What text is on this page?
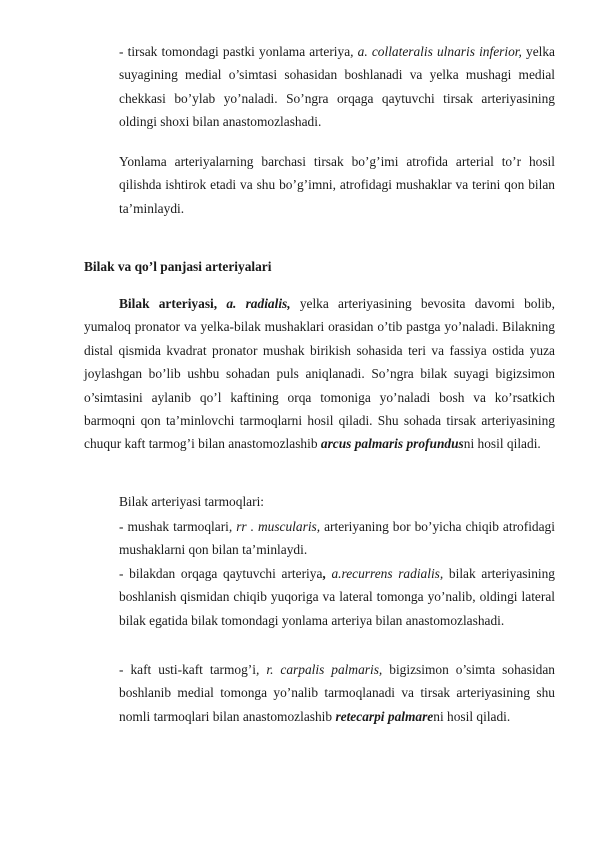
- tirsak tomondagi pastki yonlama arteriya, a. collateralis ulnaris inferior, yelka suyagining medial o’simtasi sohasidan boshlanadi va yelka mushagi medial chekkasi bo’ylab yo’naladi. So’ngra orqaga qaytuvchi tirsak arteriyasining oldingi shoxi bilan anastomozlashadi.

Yonlama arteriyalarning barchasi tirsak bo’g’imi atrofida arterial to’r hosil qilishda ishtirok etadi va shu bo’g’imni, atrofidagi mushaklar va terini qon bilan ta’minlaydi.

Bilak va qo’l panjasi arteriyalari

Bilak arteriyasi, a. radialis, yelka arteriyasining bevosita davomi bolib, yumaloq pronator va yelka-bilak mushaklari orasidan o’tib pastga yo’naladi. Bilakning distal qismida kvadrat pronator mushak birikish sohasida teri va fassiya ostida yuza joylashgan bo’lib ushbu sohadan puls aniqlanadi. So’ngra bilak suyagi bigizsimon o’simtasini aylanib qo’l kaftining orqa tomoniga yo’naladi bosh va ko’rsatkich barmoqni qon ta’minlovchi tarmoqlarni hosil qiladi. Shu sohada tirsak arteriyasining chuqur kaft tarmog’i bilan anastomozlashib arcus palmaris profundusni hosil qiladi.

Bilak arteriyasi tarmoqlari:

- mushak tarmoqlari, rr . muscularis, arteriyaning bor bo’yicha chiqib atrofidagi mushaklarni qon bilan ta’minlaydi.

- bilakdan orqaga qaytuvchi arteriya, a.recurrens radialis, bilak arteriyasining boshlanish qismidan chiqib yuqoriga va lateral tomonga yo’nalib, oldingi lateral bilak egatida bilak tomondagi yonlama arteriya bilan anastomozlashadi.

- kaft usti-kaft tarmog’i, r. carpalis palmaris, bigizsimon o’simta sohasidan boshlanib medial tomonga yo’nalib tarmoqlanadi va tirsak arteriyasining shu nomli tarmoqlari bilan anastomozlashib retecarpi palmareni hosil qiladi.
